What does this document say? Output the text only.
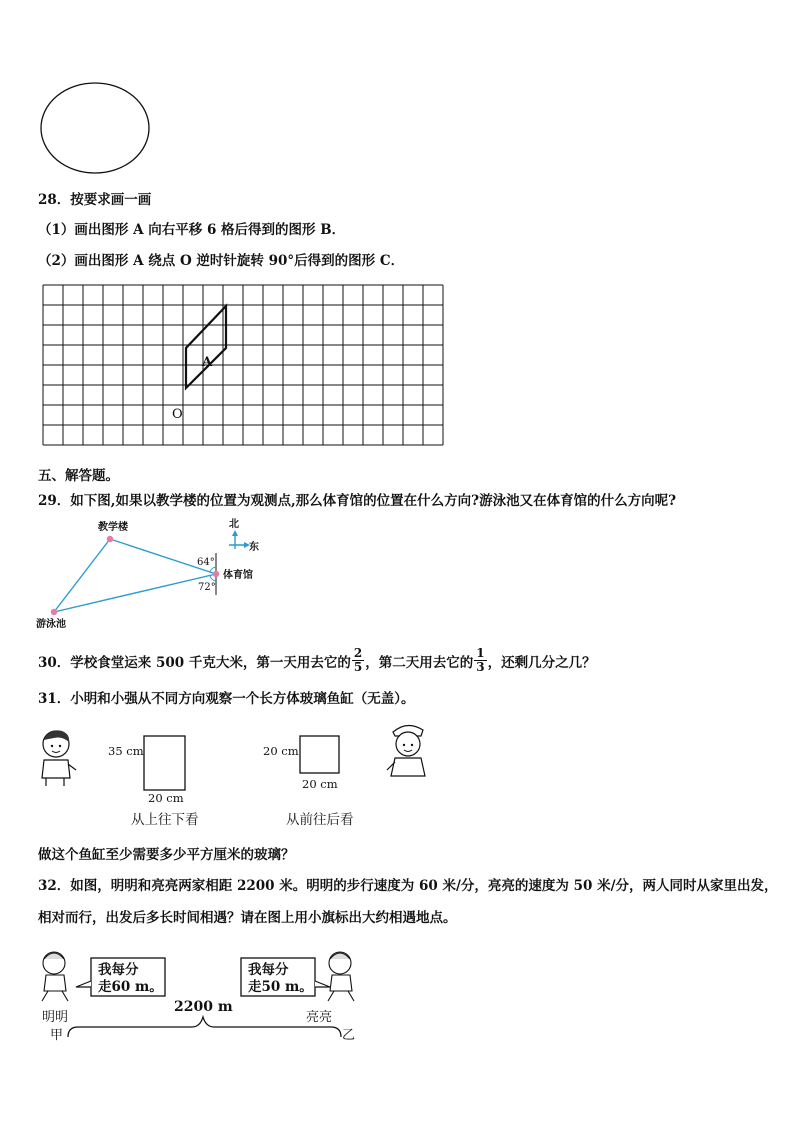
28．按要求画一画
（1）画出图形 A 向右平移 6 格后得到的图形 B．
（2）画出图形 A 绕点 O 逆时针旋转 90°后得到的图形 C．
A
O
五、解答题。
29．如下图,如果以教学楼的位置为观测点,那么体育馆的位置在什么方向?游泳池又在体育馆的什么方向呢?
教学楼
体育馆
游泳池
北
东
64°
72°
30．学校食堂运来 500 千克大米，第一天用去它的 $\frac{2}{5}$ ，第二天用去它的 $\frac{1}{3}$ ，还剩几分之几？
31．小明和小强从不同方向观察一个长方体玻璃鱼缸（无盖）。
35 cm
20 cm
从上往下看
20 cm
20 cm
从前往后看
做这个鱼缸至少需要多少平方厘米的玻璃？
32．如图，明明和亮亮两家相距 2200 米。明明的步行速度为 60 米/分，亮亮的速度为 50 米/分，两人同时从家里出发，
相对而行，出发后多长时间相遇？请在图上用小旗标出大约相遇地点。
我每分
走60 m。
我每分
走50 m。
2200 m
明明	亮亮
甲	乙
